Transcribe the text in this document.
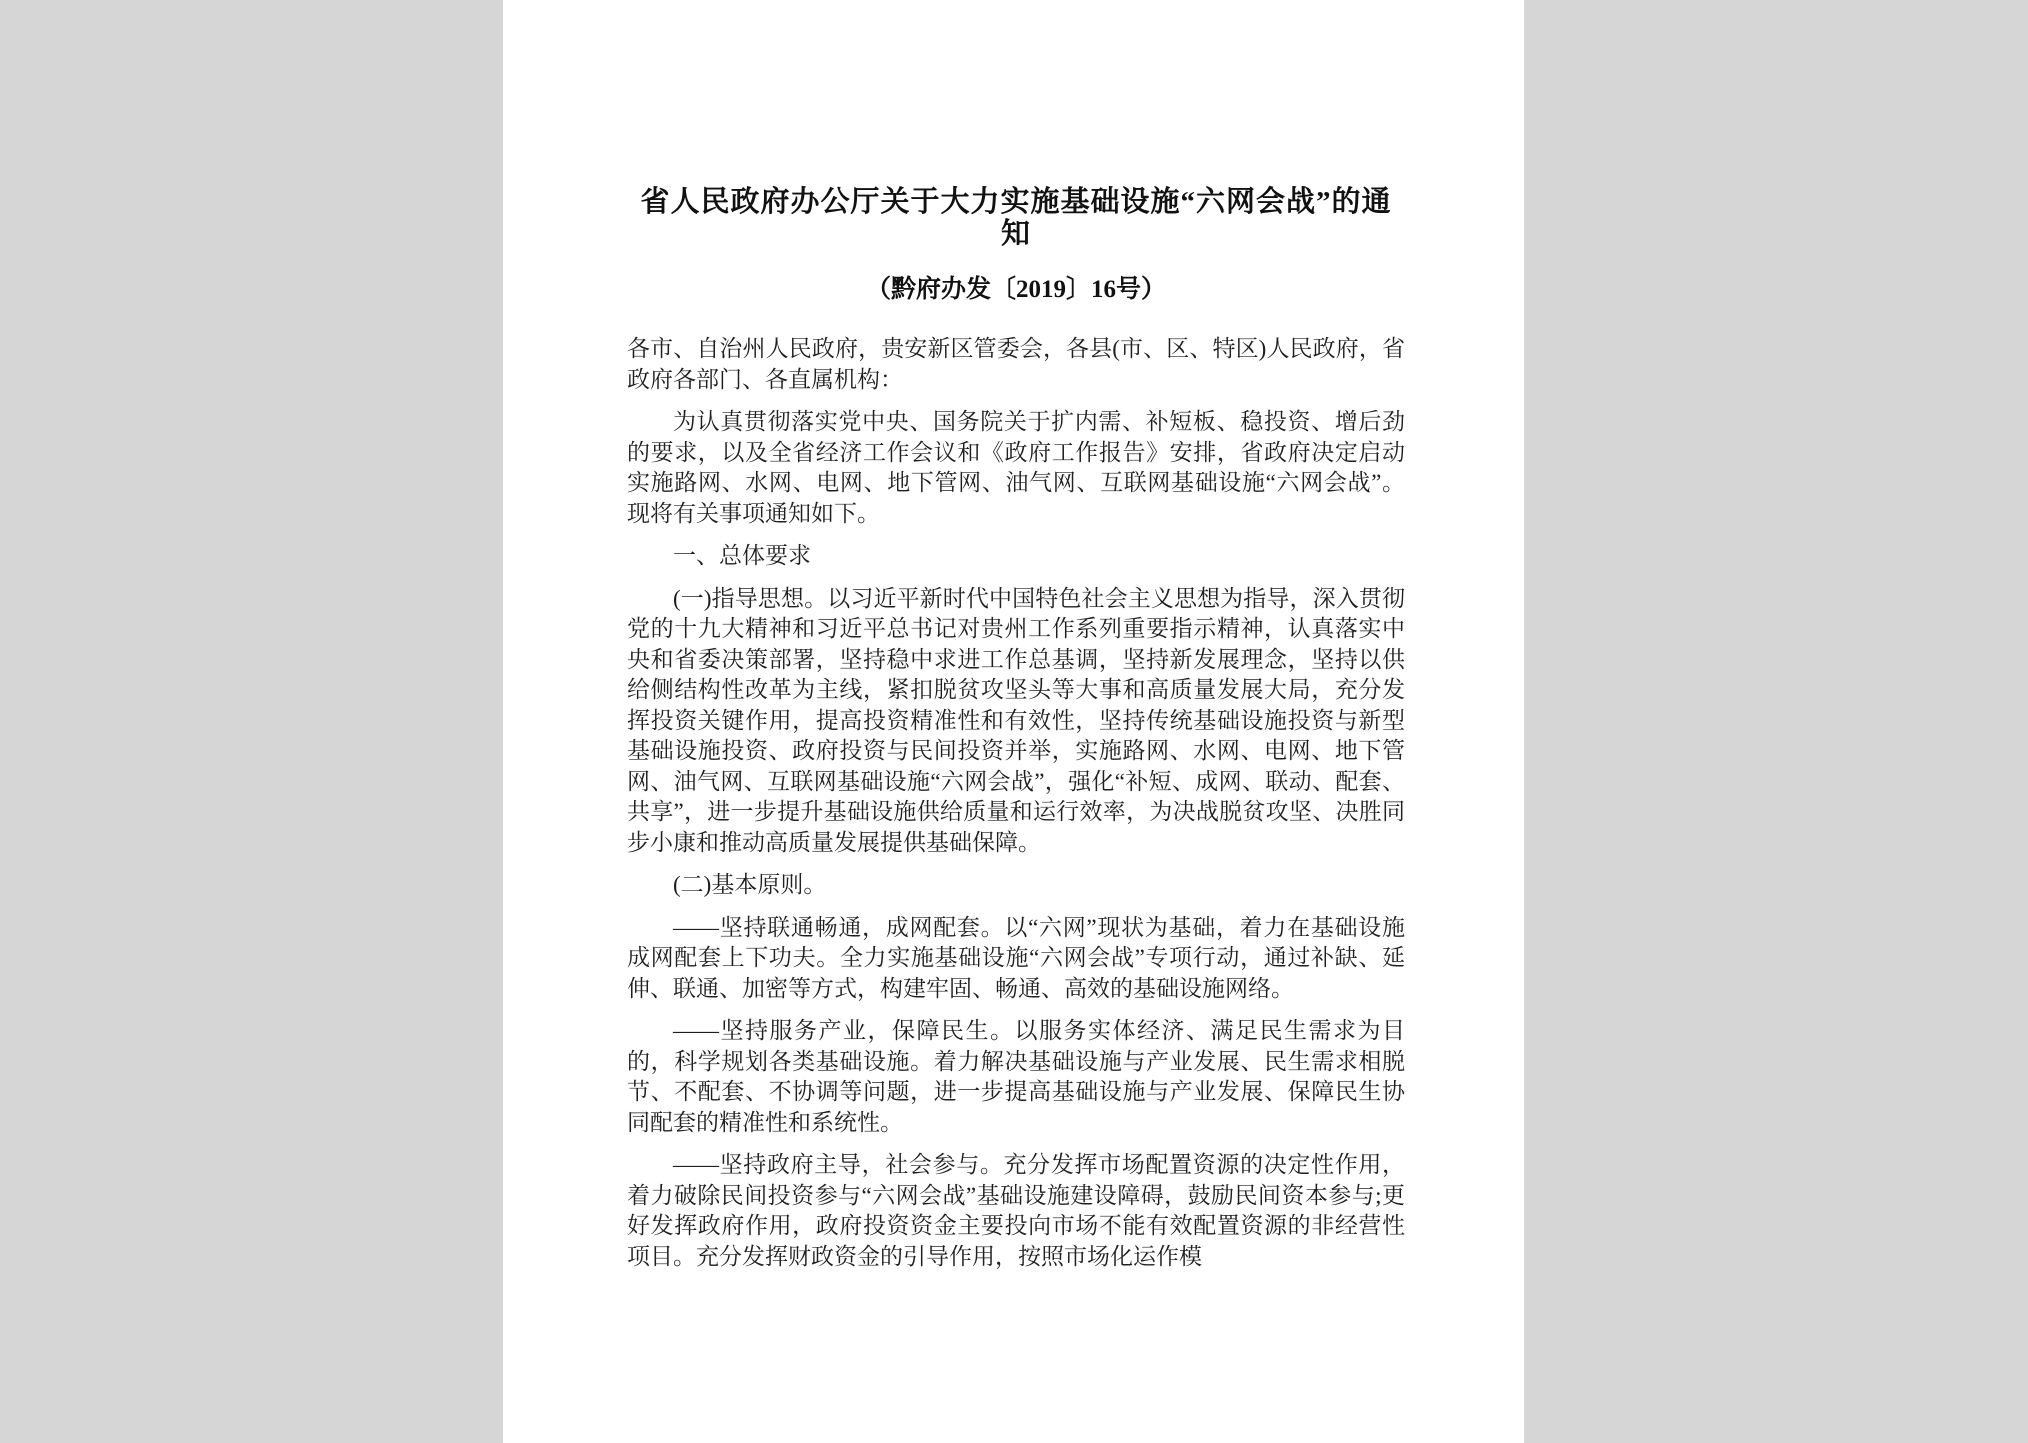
省人民政府办公厅关于大力实施基础设施“六网会战”的通知
（黔府办发〔2019〕16号）

各市、自治州人民政府，贵安新区管委会，各县(市、区、特区)人民政府，省政府各部门、各直属机构：

为认真贯彻落实党中央、国务院关于扩内需、补短板、稳投资、增后劲的要求，以及全省经济工作会议和《政府工作报告》安排，省政府决定启动实施路网、水网、电网、地下管网、油气网、互联网基础设施“六网会战”。现将有关事项通知如下。

一、总体要求

(一)指导思想。以习近平新时代中国特色社会主义思想为指导，深入贯彻党的十九大精神和习近平总书记对贵州工作系列重要指示精神，认真落实中央和省委决策部署，坚持稳中求进工作总基调，坚持新发展理念，坚持以供给侧结构性改革为主线，紧扣脱贫攻坚头等大事和高质量发展大局，充分发挥投资关键作用，提高投资精准性和有效性，坚持传统基础设施投资与新型基础设施投资、政府投资与民间投资并举，实施路网、水网、电网、地下管网、油气网、互联网基础设施“六网会战”，强化“补短、成网、联动、配套、共享”，进一步提升基础设施供给质量和运行效率，为决战脱贫攻坚、决胜同步小康和推动高质量发展提供基础保障。

(二)基本原则。

——坚持联通畅通，成网配套。以“六网”现状为基础，着力在基础设施成网配套上下功夫。全力实施基础设施“六网会战”专项行动，通过补缺、延伸、联通、加密等方式，构建牢固、畅通、高效的基础设施网络。

——坚持服务产业，保障民生。以服务实体经济、满足民生需求为目的，科学规划各类基础设施。着力解决基础设施与产业发展、民生需求相脱节、不配套、不协调等问题，进一步提高基础设施与产业发展、保障民生协同配套的精准性和系统性。

——坚持政府主导，社会参与。充分发挥市场配置资源的决定性作用，着力破除民间投资参与“六网会战”基础设施建设障碍，鼓励民间资本参与;更好发挥政府作用，政府投资资金主要投向市场不能有效配置资源的非经营性项目。充分发挥财政资金的引导作用，按照市场化运作模
